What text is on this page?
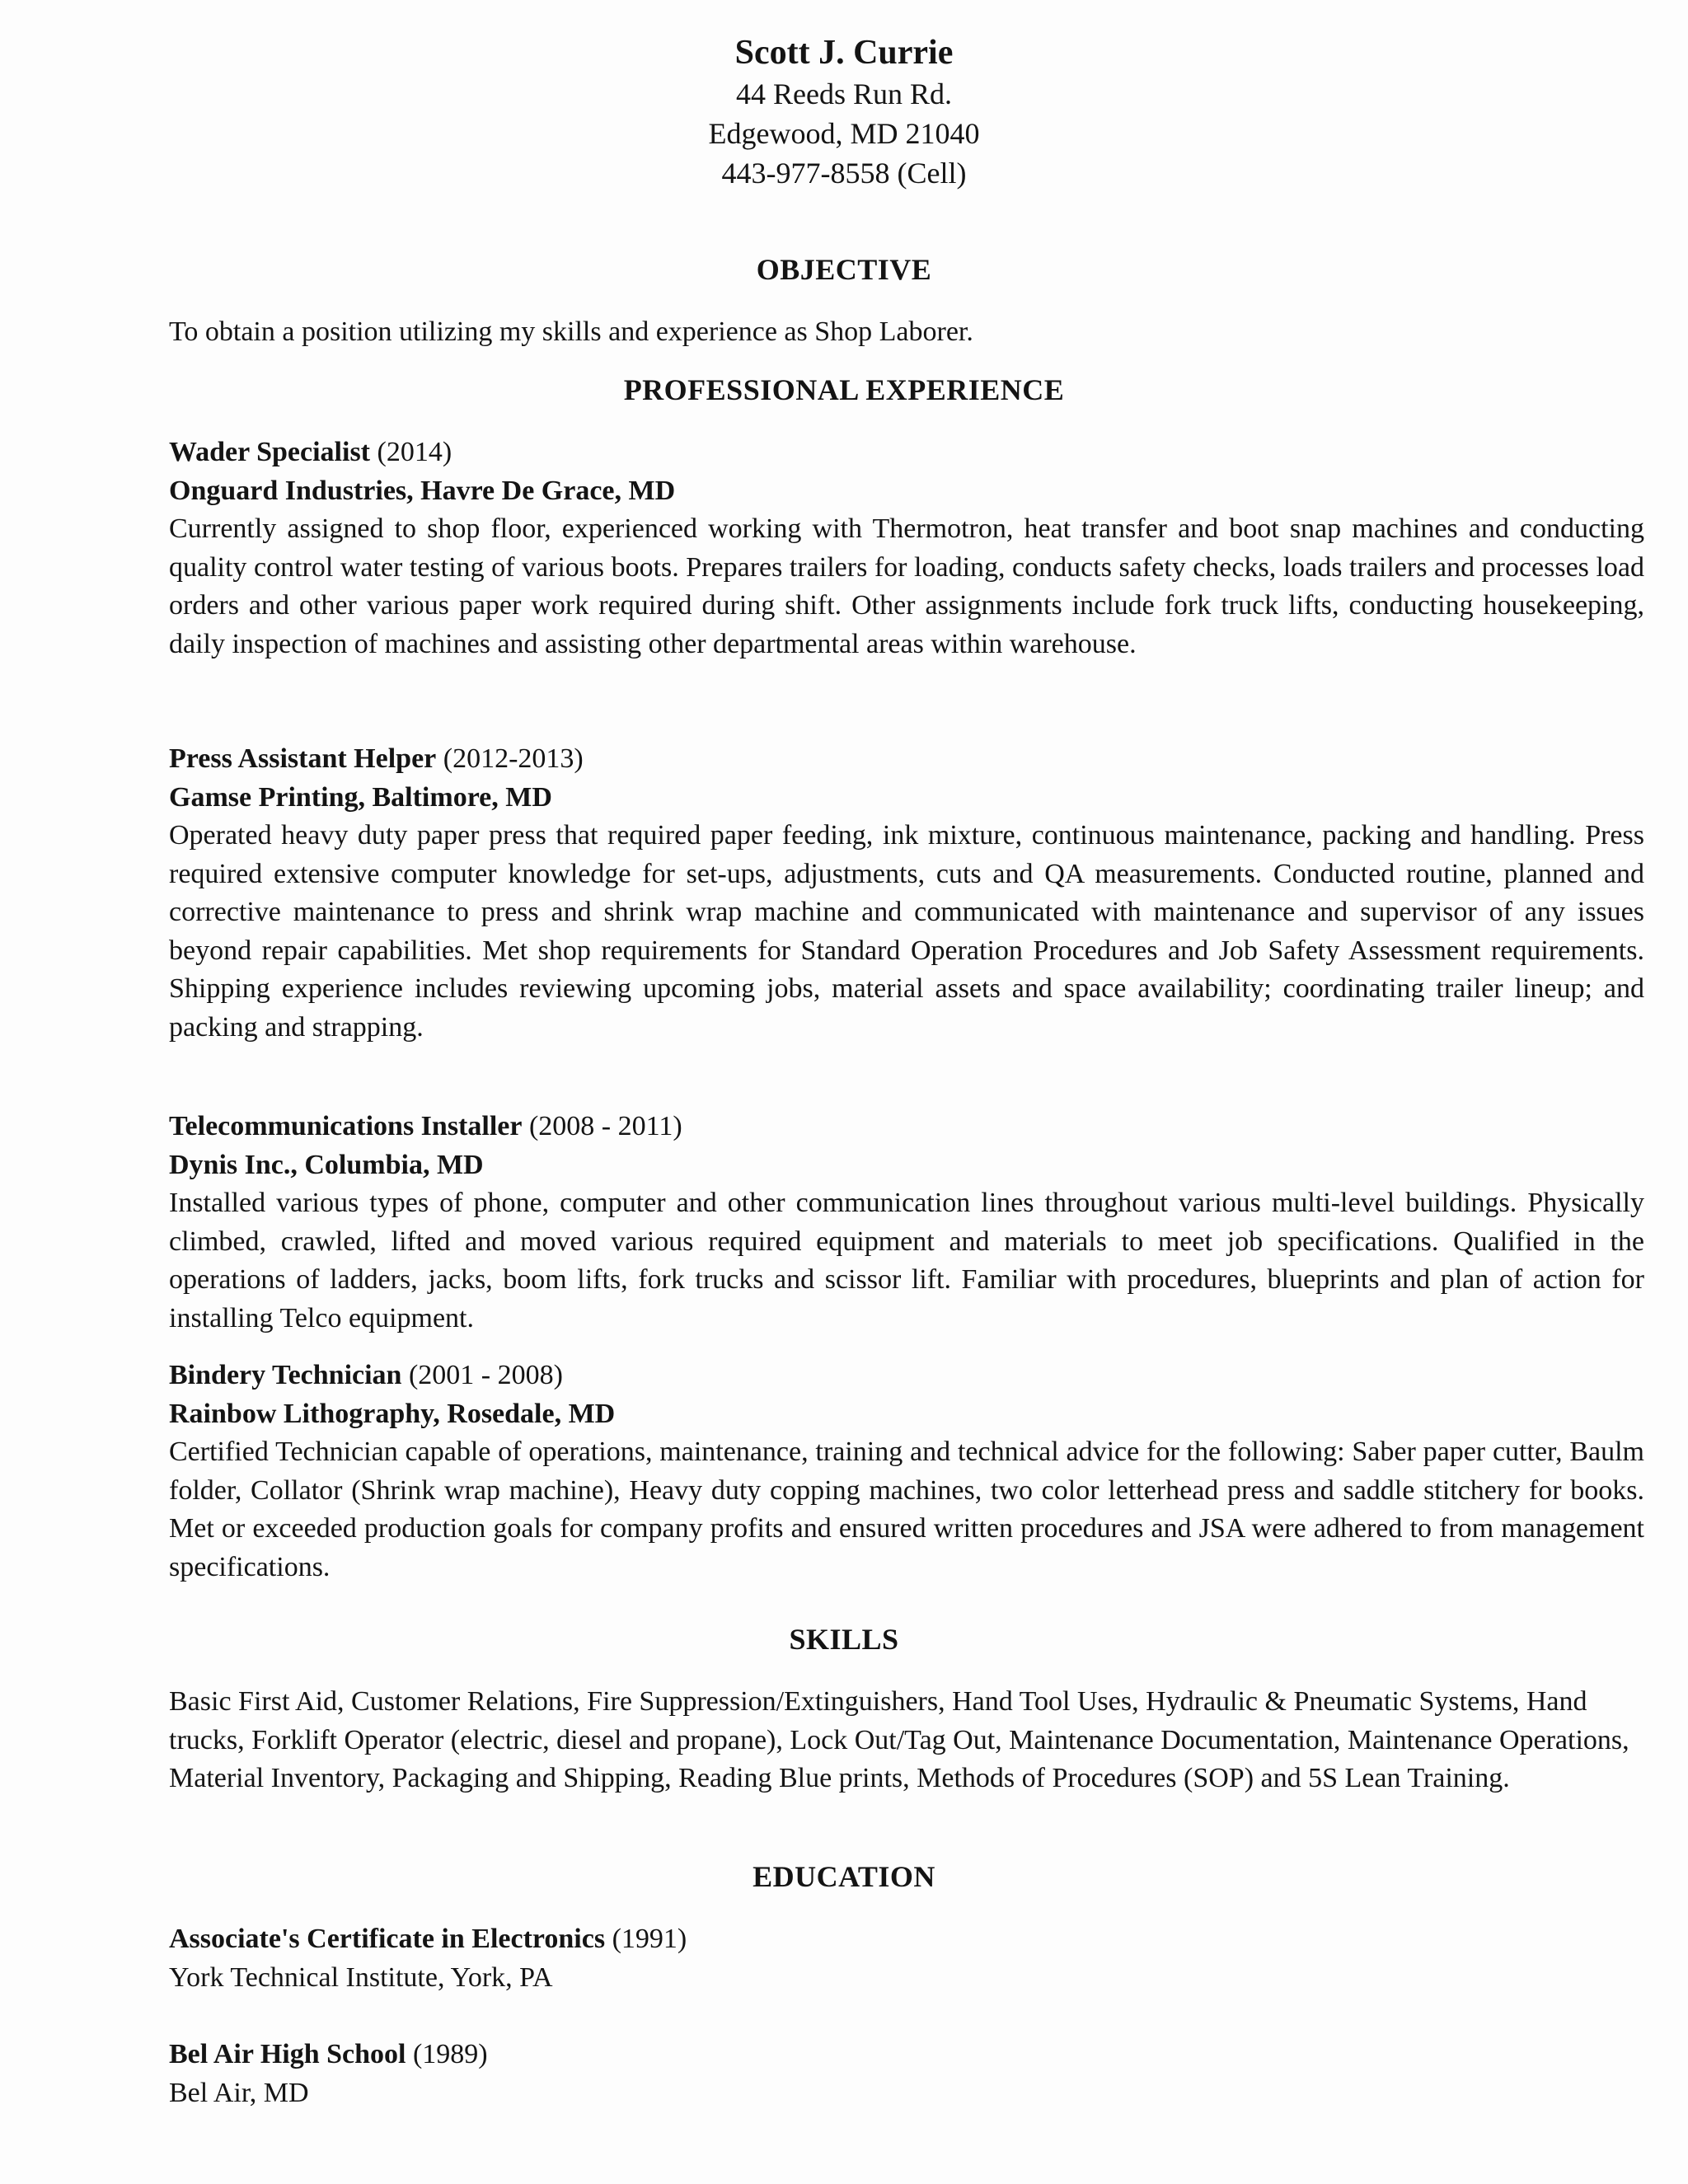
Scott J. Currie
44 Reeds Run Rd.
Edgewood, MD 21040
443-977-8558 (Cell)
OBJECTIVE

To obtain a position utilizing my skills and experience as Shop Laborer.

PROFESSIONAL EXPERIENCE
Wader Specialist (2014)
Onguard Industries, Havre De Grace, MD

Currently assigned to shop floor, experienced working with Thermotron, heat transfer and boot snap machines and conducting quality control water testing of various boots. Prepares trailers for loading, conducts safety checks, loads trailers and processes load orders and other various paper work required during shift. Other assignments include fork truck lifts, conducting housekeeping, daily inspection of machines and assisting other departmental areas within warehouse.

Press Assistant Helper (2012-2013)
Gamse Printing, Baltimore, MD

Operated heavy duty paper press that required paper feeding, ink mixture, continuous maintenance, packing and handling. Press required extensive computer knowledge for set-ups, adjustments, cuts and QA measurements. Conducted routine, planned and corrective maintenance to press and shrink wrap machine and communicated with maintenance and supervisor of any issues beyond repair capabilities. Met shop requirements for Standard Operation Procedures and Job Safety Assessment requirements. Shipping experience includes reviewing upcoming jobs, material assets and space availability; coordinating trailer lineup; and packing and strapping.

Telecommunications Installer (2008 - 2011)
Dynis Inc., Columbia, MD

Installed various types of phone, computer and other communication lines throughout various multi-level buildings. Physically climbed, crawled, lifted and moved various required equipment and materials to meet job specifications. Qualified in the operations of ladders, jacks, boom lifts, fork trucks and scissor lift. Familiar with procedures, blueprints and plan of action for installing Telco equipment.

Bindery Technician (2001 - 2008)
Rainbow Lithography, Rosedale, MD

Certified Technician capable of operations, maintenance, training and technical advice for the following: Saber paper cutter, Baulm folder, Collator (Shrink wrap machine), Heavy duty copping machines, two color letterhead press and saddle stitchery for books. Met or exceeded production goals for company profits and ensured written procedures and JSA were adhered to from management specifications.

SKILLS

Basic First Aid, Customer Relations, Fire Suppression/Extinguishers, Hand Tool Uses, Hydraulic & Pneumatic Systems, Hand trucks, Forklift Operator (electric, diesel and propane), Lock Out/Tag Out, Maintenance Documentation, Maintenance Operations, Material Inventory, Packaging and Shipping, Reading Blue prints, Methods of Procedures (SOP) and 5S Lean Training.

EDUCATION
Associate's Certificate in Electronics (1991)
York Technical Institute, York, PA
Bel Air High School (1989)
Bel Air, MD
